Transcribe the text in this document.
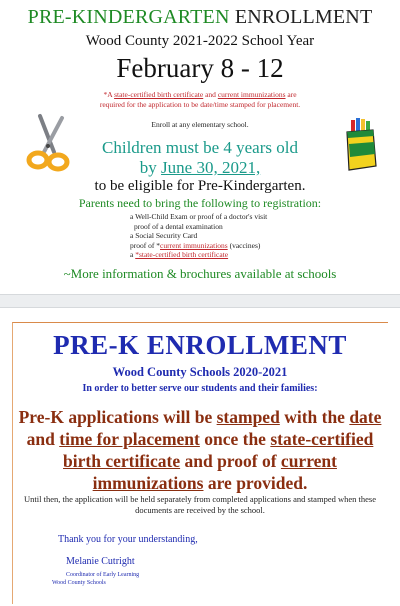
PRE-KINDERGARTEN ENROLLMENT
Wood County 2021-2022 School Year
February 8 - 12
*A state-certified birth certificate and current immunizations are
required for the application to be date/time stamped for placement.
Enroll at any elementary school.
Children must be 4 years old
by June 30, 2021,
to be eligible for Pre-Kindergarten.
Parents need to bring the following to registration:
a Well-Child Exam or proof of a doctor's visit
proof of a dental examination
a Social Security Card
proof of *current immunizations (vaccines)
a *state-certified birth certificate
~More information & brochures available at schools
PRE-K ENROLLMENT
Wood County Schools 2020-2021
In order to better serve our students and their families:
Pre-K applications will be stamped with the date and time for placement once the state-certified birth certificate and proof of current immunizations are provided.
Until then, the application will be held separately from completed applications and stamped when these documents are received by the school.
Thank you for your understanding,
Melanie Cutright
Coordinator of Early Learning
Wood County Schools
